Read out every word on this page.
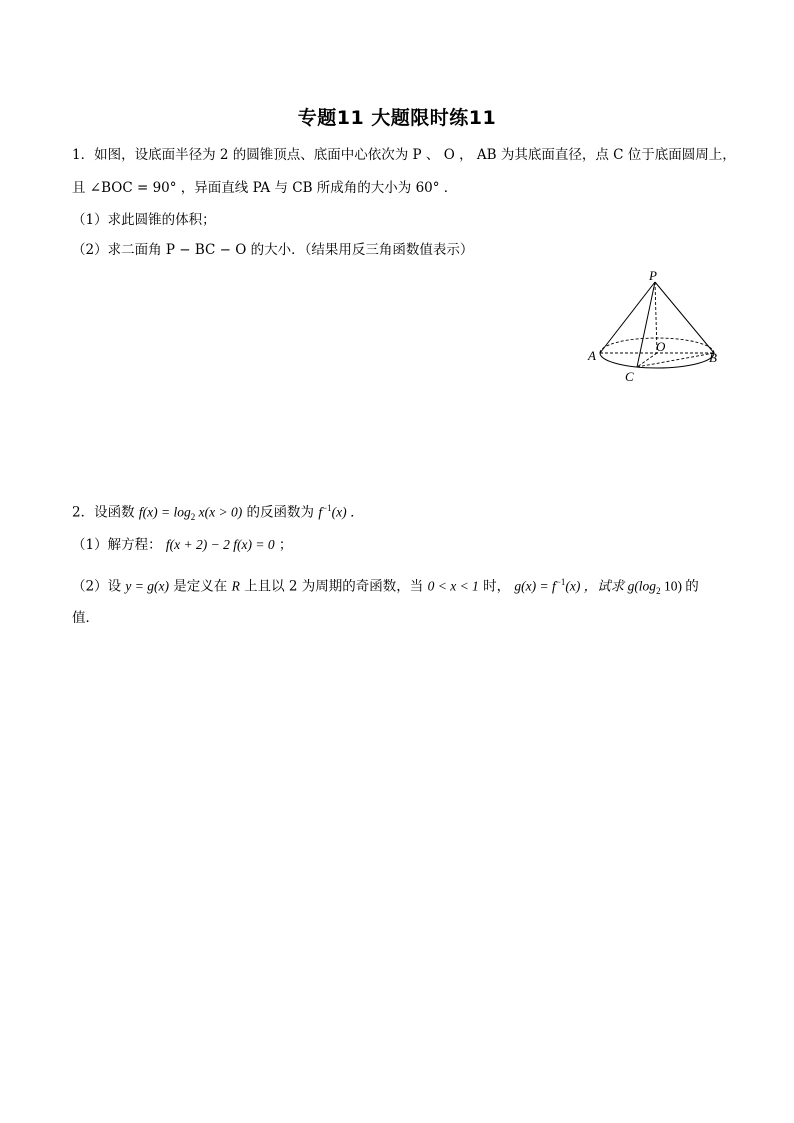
专题11 大题限时练11
1．如图，设底面半径为 2 的圆锥顶点、底面中心依次为 P 、 O ， AB 为其底面直径，点 C 位于底面圆周上，
且 ∠BOC = 90° ，异面直线 PA 与 CB 所成角的大小为 60° ．
（1）求此圆锥的体积；
（2）求二面角 P − BC − O 的大小．（结果用反三角函数值表示）
P
O
A	B
C
2．设函数 $f(x) = \log_2 x(x > 0)$ 的反函数为 $f^{-1}(x)$ ．
（1）解方程： f(x + 2) − 2 f(x) = 0 ；
（2）设 y = g(x) 是定义在 R 上且以 2 为周期的奇函数，当 0 < x < 1 时， $g(x) = f^{-1}(x)$ ，试求 $g(\log_2$ 10) 的
值．
